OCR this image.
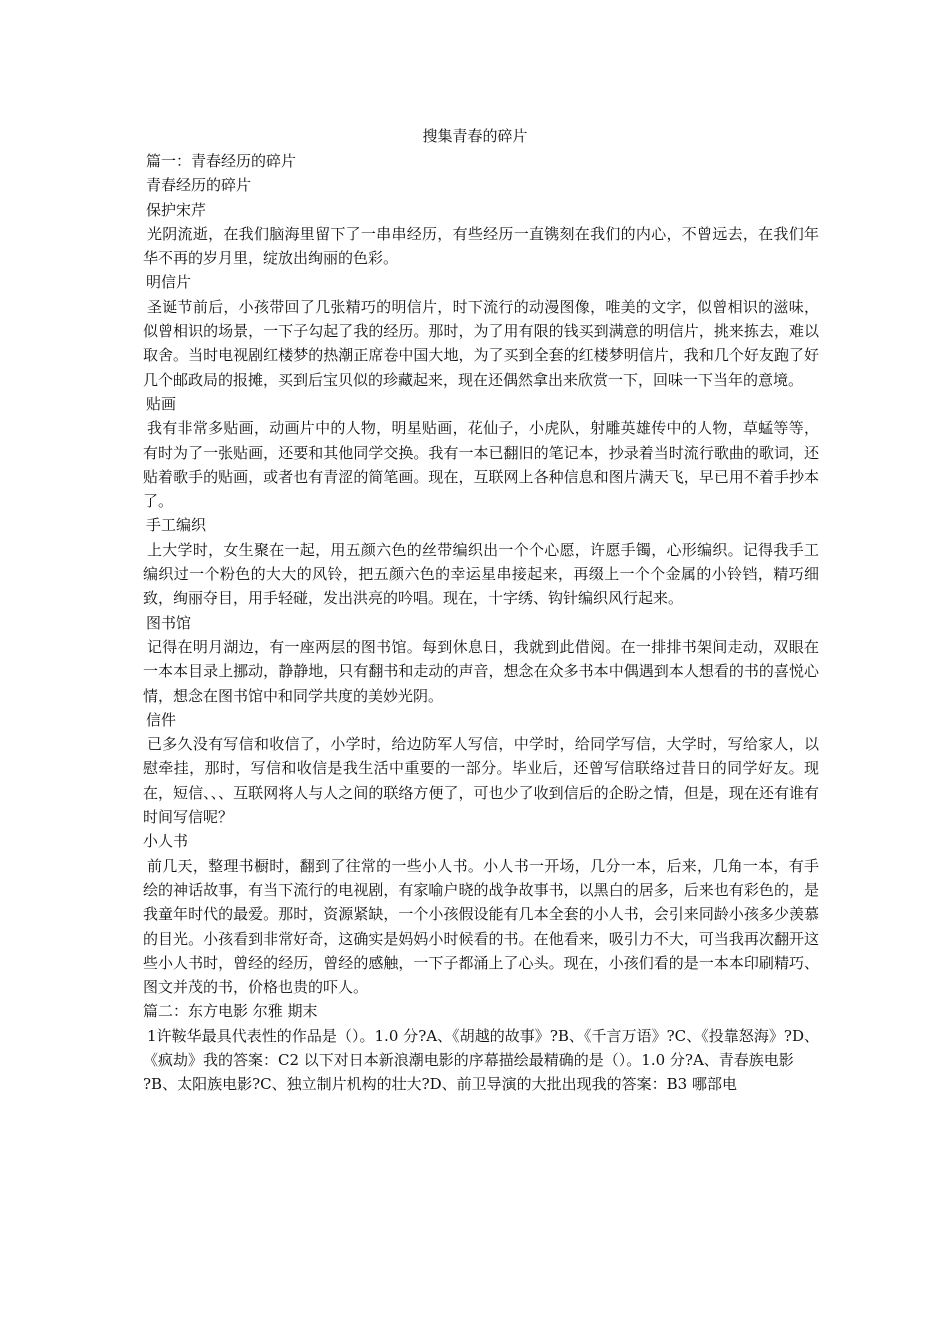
搜集青春的碎片

篇一：青春经历的碎片

青春经历的碎片

保护宋芹

光阴流逝，在我们脑海里留下了一串串经历，有些经历一直镌刻在我们的内心，不曾远去，在我们年华不再的岁月里，绽放出绚丽的色彩。

明信片

圣诞节前后，小孩带回了几张精巧的明信片，时下流行的动漫图像，唯美的文字，似曾相识的滋味，似曾相识的场景，一下子勾起了我的经历。那时，为了用有限的钱买到满意的明信片，挑来拣去，难以取舍。当时电视剧红楼梦的热潮正席卷中国大地，为了买到全套的红楼梦明信片，我和几个好友跑了好几个邮政局的报摊，买到后宝贝似的珍藏起来，现在还偶然拿出来欣赏一下，回味一下当年的意境。

贴画

我有非常多贴画，动画片中的人物，明星贴画，花仙子，小虎队，射雕英雄传中的人物，草蜢等等，有时为了一张贴画，还要和其他同学交换。我有一本已翻旧的笔记本，抄录着当时流行歌曲的歌词，还贴着歌手的贴画，或者也有青涩的简笔画。现在，互联网上各种信息和图片满天飞，早已用不着手抄本了。

手工编织

上大学时，女生聚在一起，用五颜六色的丝带编织出一个个心愿，许愿手镯，心形编织。记得我手工编织过一个粉色的大大的风铃，把五颜六色的幸运星串接起来，再缀上一个个金属的小铃铛，精巧细致，绚丽夺目，用手轻碰，发出洪亮的吟唱。现在，十字绣、钩针编织风行起来。

图书馆

记得在明月湖边，有一座两层的图书馆。每到休息日，我就到此借阅。在一排排书架间走动，双眼在一本本目录上挪动，静静地，只有翻书和走动的声音，想念在众多书本中偶遇到本人想看的书的喜悦心情，想念在图书馆中和同学共度的美妙光阴。

信件

已多久没有写信和收信了，小学时，给边防军人写信，中学时，给同学写信，大学时，写给家人，以慰牵挂，那时，写信和收信是我生活中重要的一部分。毕业后，还曾写信联络过昔日的同学好友。现在，短信、、、互联网将人与人之间的联络方便了，可也少了收到信后的企盼之情，但是，现在还有谁有时间写信呢？

小人书

前几天，整理书橱时，翻到了往常的一些小人书。小人书一开场，几分一本，后来，几角一本，有手绘的神话故事，有当下流行的电视剧，有家喻户晓的战争故事书，以黑白的居多，后来也有彩色的，是我童年时代的最爱。那时，资源紧缺，一个小孩假设能有几本全套的小人书，会引来同龄小孩多少羡慕的目光。小孩看到非常好奇，这确实是妈妈小时候看的书。在他看来，吸引力不大，可当我再次翻开这些小人书时，曾经的经历，曾经的感触，一下子都涌上了心头。现在，小孩们看的是一本本印刷精巧、图文并茂的书，价格也贵的吓人。

篇二：东方电影 尔雅 期末

1许鞍华最具代表性的作品是（）。1.0 分?A、《胡越的故事》?B、《千言万语》?C、《投靠怒海》?D、《疯劫》我的答案：C2 以下对日本新浪潮电影的序幕描绘最精确的是（）。1.0 分?A、青春族电影

?B、太阳族电影?C、独立制片机构的壮大?D、前卫导演的大批出现我的答案：B3 哪部电
